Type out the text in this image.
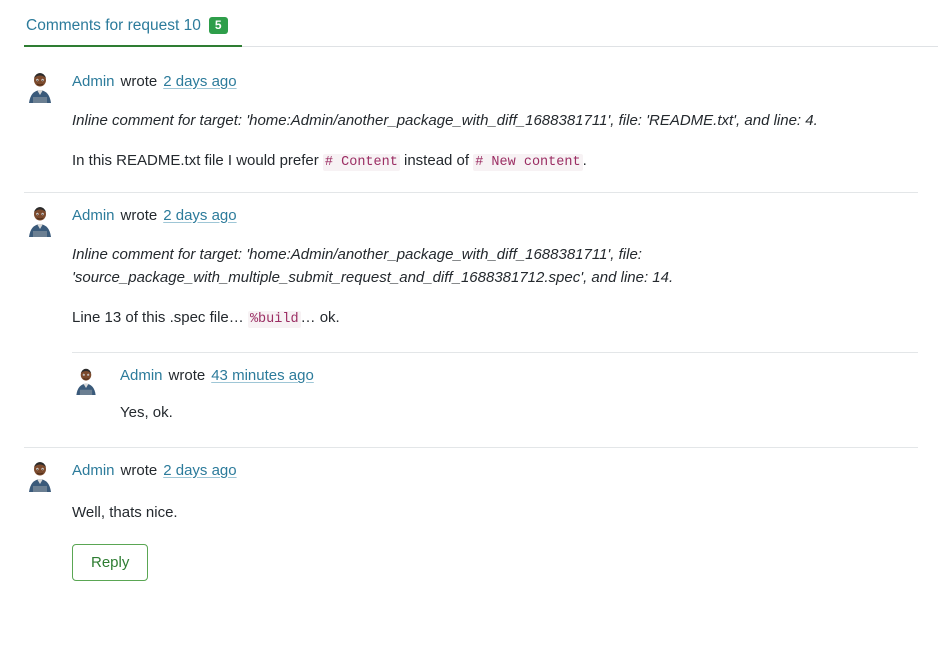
Comments for request 10	5
Admin wrote 2 days ago

Inline comment for target: 'home:Admin/another_package_with_diff_1688381711', file: 'README.txt', and line: 4.

In this README.txt file I would prefer # Content instead of # New content .

Admin wrote 2 days ago

Inline comment for target: 'home:Admin/another_package_with_diff_1688381711', file: 'source_package_with_multiple_submit_request_and_diff_1688381712.spec', and line: 14.

Line 13 of this .spec file… %build … ok.

Admin wrote 43 minutes ago

Yes, ok.

Admin wrote 2 days ago

Well, thats nice.

Reply
